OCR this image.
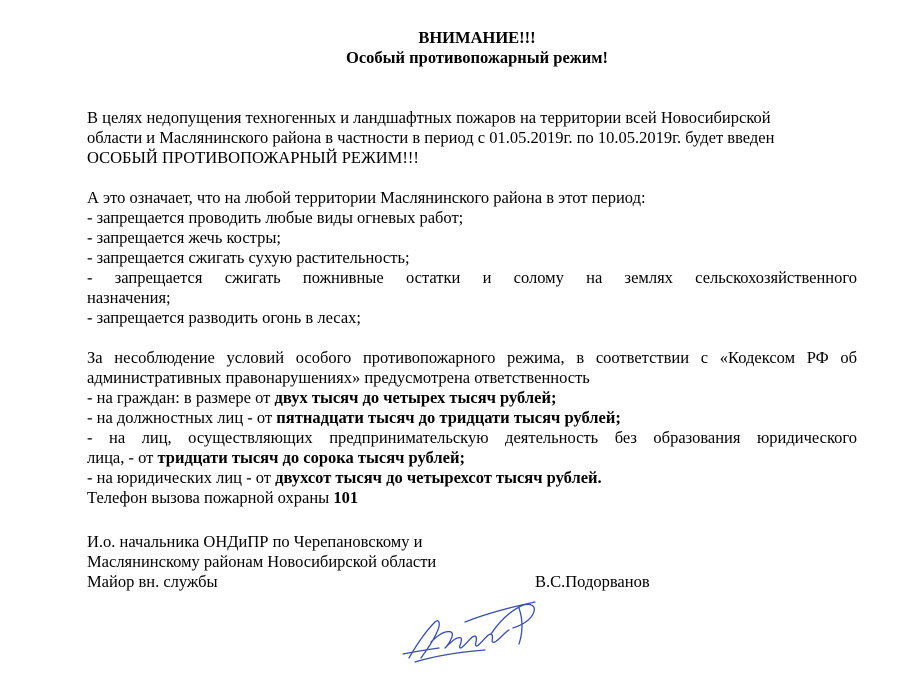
ВНИМАНИЕ!!!
Особый противопожарный режим!
В целях недопущения техногенных и ландшафтных пожаров на территории всей Новосибирской
области и Маслянинского района в частности в период с 01.05.2019г. по 10.05.2019г. будет введен
ОСОБЫЙ ПРОТИВОПОЖАРНЫЙ РЕЖИМ!!!
А это означает, что на любой территории Маслянинского района в этот период:
- запрещается проводить любые виды огневых работ;
- запрещается жечь костры;
- запрещается сжигать сухую растительность;
- запрещается сжигать пожнивные остатки и солому на землях сельскохозяйственного
назначения;
- запрещается разводить огонь в лесах;
За несоблюдение условий особого противопожарного режима, в соответствии с «Кодексом РФ об
административных правонарушениях» предусмотрена ответственность
- на граждан: в размере от двух тысяч до четырех тысяч рублей;
- на должностных лиц - от пятнадцати тысяч до тридцати тысяч рублей;
- на лиц, осуществляющих предпринимательскую деятельность без образования юридического
лица, - от тридцати тысяч до сорока тысяч рублей;
- на юридических лиц - от двухсот тысяч до четырехсот тысяч рублей.
Телефон вызова пожарной охраны 101
И.о. начальника ОНДиПР по Черепановскому и
Маслянинскому районам Новосибирской области
Майор вн. службы	В.С.Подорванов
